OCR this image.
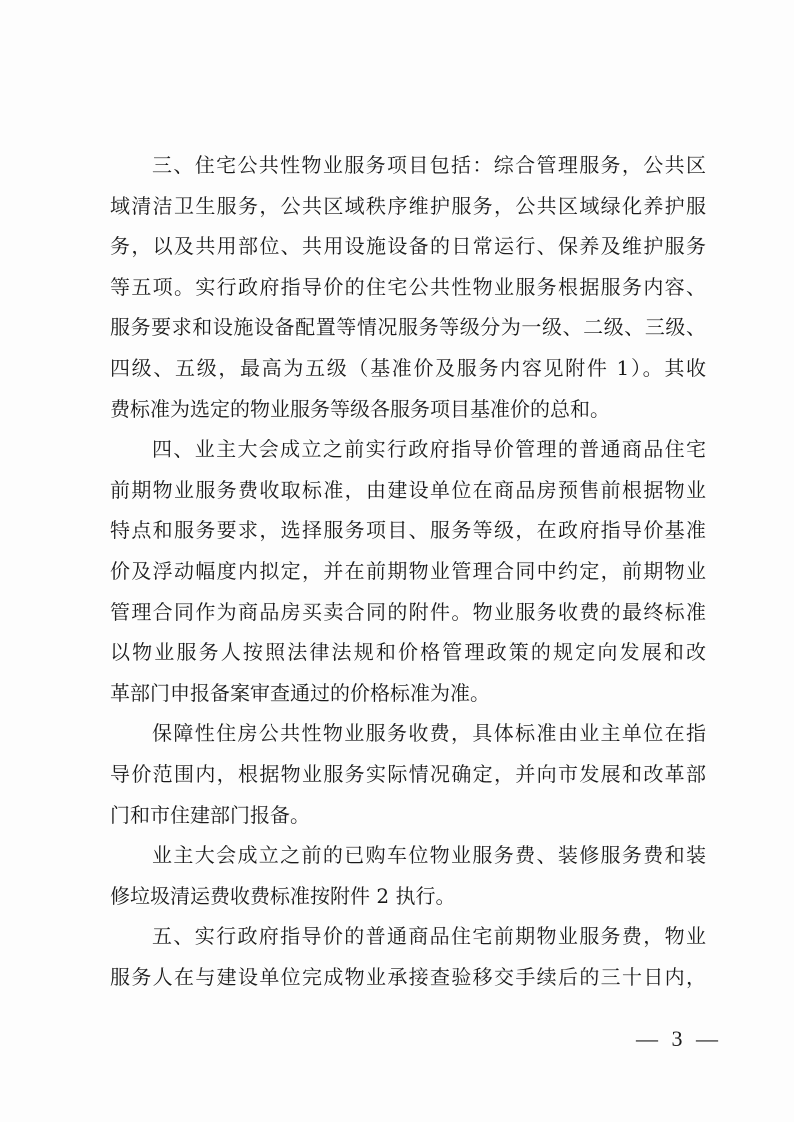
三、住宅公共性物业服务项目包括：综合管理服务，公共区
域清洁卫生服务，公共区域秩序维护服务，公共区域绿化养护服
务，以及共用部位、共用设施设备的日常运行、保养及维护服务
等五项。实行政府指导价的住宅公共性物业服务根据服务内容、
服务要求和设施设备配置等情况服务等级分为一级、二级、三级、
四级、五级，最高为五级（基准价及服务内容见附件 1）。其收
费标准为选定的物业服务等级各服务项目基准价的总和。
四、业主大会成立之前实行政府指导价管理的普通商品住宅
前期物业服务费收取标准，由建设单位在商品房预售前根据物业
特点和服务要求，选择服务项目、服务等级，在政府指导价基准
价及浮动幅度内拟定，并在前期物业管理合同中约定，前期物业
管理合同作为商品房买卖合同的附件。物业服务收费的最终标准
以物业服务人按照法律法规和价格管理政策的规定向发展和改
革部门申报备案审查通过的价格标准为准。
保障性住房公共性物业服务收费，具体标准由业主单位在指
导价范围内，根据物业服务实际情况确定，并向市发展和改革部
门和市住建部门报备。
业主大会成立之前的已购车位物业服务费、装修服务费和装
修垃圾清运费收费标准按附件 2 执行。
五、实行政府指导价的普通商品住宅前期物业服务费，物业
服务人在与建设单位完成物业承接查验移交手续后的三十日内，
— 3 —
